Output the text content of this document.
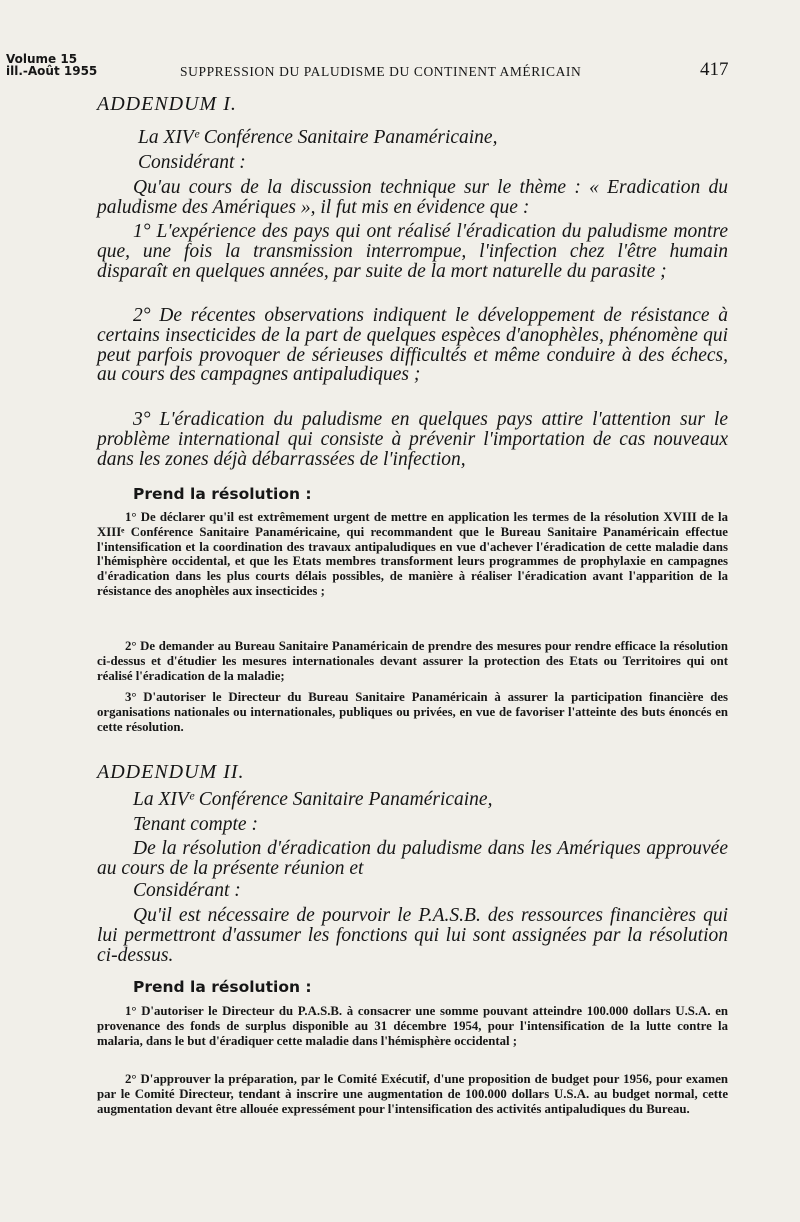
Volume 15
ill.-Août 1955	SUPPRESSION DU PALUDISME DU CONTINENT AMÉRICAIN	417
ADDENDUM I.
La XIVᵉ Conférence Sanitaire Panaméricaine,
Considérant :

Qu'au cours de la discussion technique sur le thème : « Eradication du paludisme des Amériques », il fut mis en évidence que :

1° L'expérience des pays qui ont réalisé l'éradication du paludisme montre que, une fois la transmission interrompue, l'infection chez l'être humain disparaît en quelques années, par suite de la mort naturelle du parasite ;

2° De récentes observations indiquent le développement de résistance à certains insecticides de la part de quelques espèces d'anophèles, phénomène qui peut parfois provoquer de sérieuses difficultés et même conduire à des échecs, au cours des campagnes antipaludiques ;

3° L'éradication du paludisme en quelques pays attire l'attention sur le problème international qui consiste à prévenir l'importation de cas nouveaux dans les zones déjà débarrassées de l'infection,

Prend la résolution :

1° De déclarer qu'il est extrêmement urgent de mettre en application les termes de la résolution XVIII de la XIIIᵉ Conférence Sanitaire Panaméricaine, qui recommandent que le Bureau Sanitaire Panaméricain effectue l'intensification et la coordination des travaux antipaludiques en vue d'achever l'éradication de cette maladie dans l'hémisphère occidental, et que les Etats membres transforment leurs programmes de prophylaxie en campagnes d'éradication dans les plus courts délais possibles, de manière à réaliser l'éradication avant l'apparition de la résistance des anophèles aux insecticides ;

2° De demander au Bureau Sanitaire Panaméricain de prendre des mesures pour rendre efficace la résolution ci-dessus et d'étudier les mesures internationales devant assurer la protection des Etats ou Territoires qui ont réalisé l'éradication de la maladie;

3° D'autoriser le Directeur du Bureau Sanitaire Panaméricain à assurer la participation financière des organisations nationales ou internationales, publiques ou privées, en vue de favoriser l'atteinte des buts énoncés en cette résolution.

ADDENDUM II.
La XIVᵉ Conférence Sanitaire Panaméricaine,
Tenant compte :

De la résolution d'éradication du paludisme dans les Amériques approuvée au cours de la présente réunion et

Considérant :

Qu'il est nécessaire de pourvoir le P.A.S.B. des ressources financières qui lui permettront d'assumer les fonctions qui lui sont assignées par la résolution ci-dessus.

Prend la résolution :

1° D'autoriser le Directeur du P.A.S.B. à consacrer une somme pouvant atteindre 100.000 dollars U.S.A. en provenance des fonds de surplus disponible au 31 décembre 1954, pour l'intensification de la lutte contre la malaria, dans le but d'éradiquer cette maladie dans l'hémisphère occidental ;

2° D'approuver la préparation, par le Comité Exécutif, d'une proposition de budget pour 1956, pour examen par le Comité Directeur, tendant à inscrire une augmentation de 100.000 dollars U.S.A. au budget normal, cette augmentation devant être allouée expressément pour l'intensification des activités antipaludiques du Bureau.
